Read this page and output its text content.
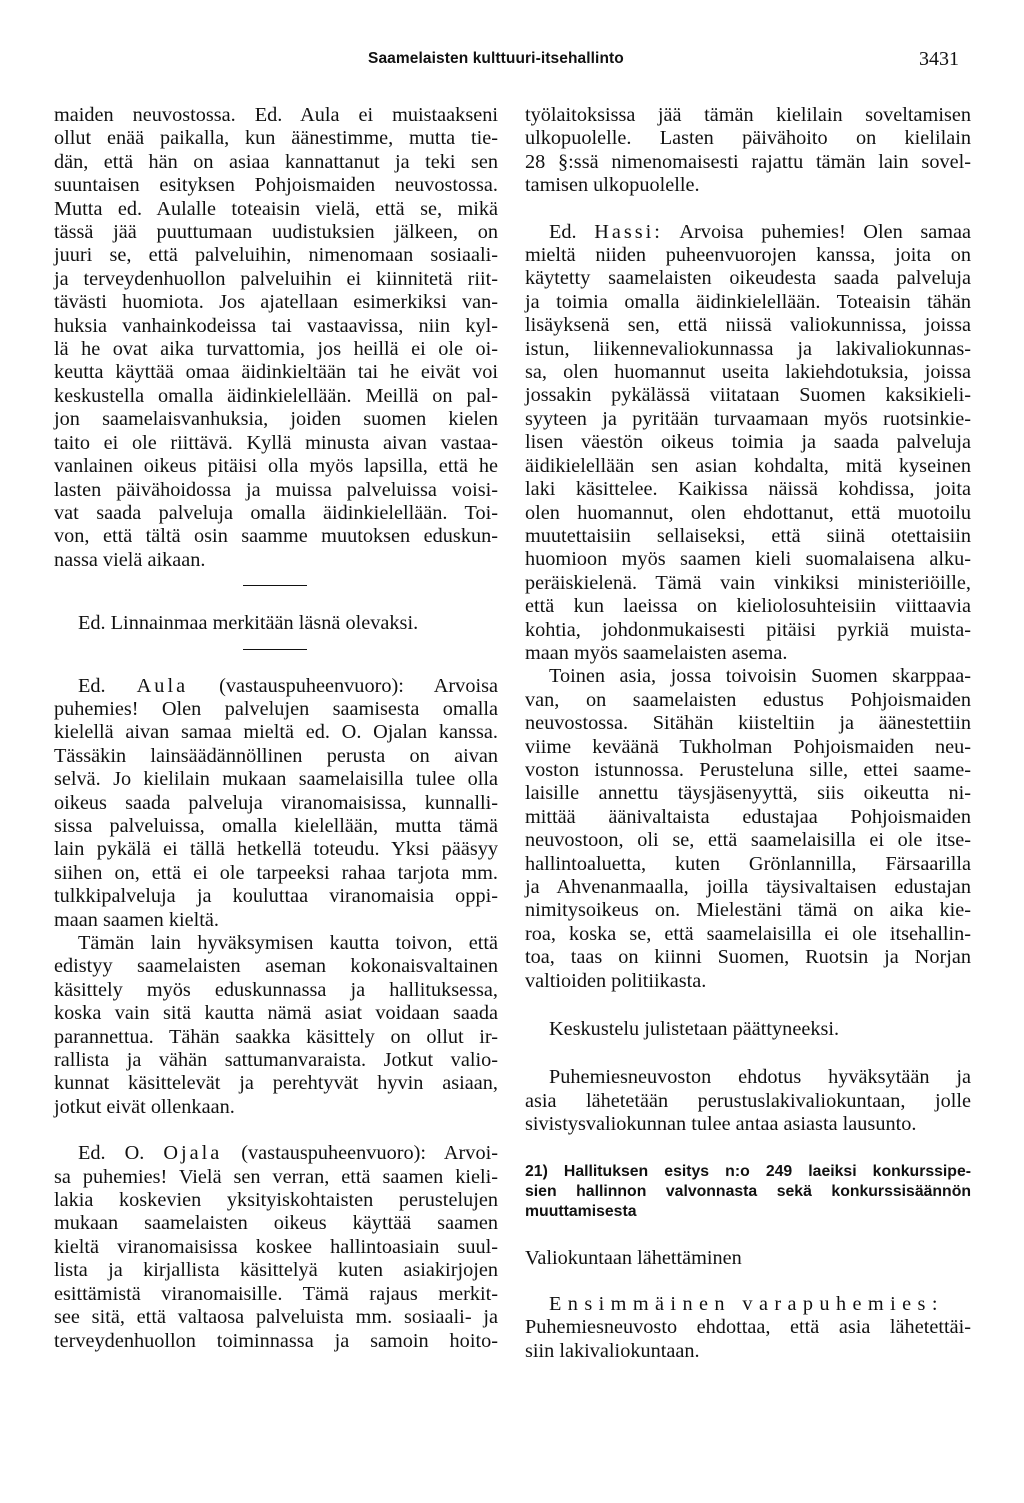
Saamelaisten kulttuuri-itsehallinto	3431
maiden neuvostossa. Ed. Aula ei muistaakseni
ollut enää paikalla, kun äänestimme, mutta tie-
dän, että hän on asiaa kannattanut ja teki sen
suuntaisen esityksen Pohjoismaiden neuvostossa.
Mutta ed. Aulalle toteaisin vielä, että se, mikä
tässä jää puuttumaan uudistuksien jälkeen, on
juuri se, että palveluihin, nimenomaan sosiaali-
ja terveydenhuollon palveluihin ei kiinnitetä riit-
tävästi huomiota. Jos ajatellaan esimerkiksi van-
huksia vanhainkodeissa tai vastaavissa, niin kyl-
lä he ovat aika turvattomia, jos heillä ei ole oi-
keutta käyttää omaa äidinkieltään tai he eivät voi
keskustella omalla äidinkielellään. Meillä on pal-
jon saamelaisvanhuksia, joiden suomen kielen
taito ei ole riittävä. Kyllä minusta aivan vastaa-
vanlainen oikeus pitäisi olla myös lapsilla, että he
lasten päivähoidossa ja muissa palveluissa voisi-
vat saada palveluja omalla äidinkielellään. Toi-
von, että tältä osin saamme muutoksen eduskun-
nassa vielä aikaan.
Ed. Linnainmaa merkitään läsnä olevaksi.
Ed. Aula (vastauspuheenvuoro): Arvoisa
puhemies! Olen palvelujen saamisesta omalla
kielellä aivan samaa mieltä ed. O. Ojalan kanssa.
Tässäkin lainsäädännöllinen perusta on aivan
selvä. Jo kielilain mukaan saamelaisilla tulee olla
oikeus saada palveluja viranomaisissa, kunnalli-
sissa palveluissa, omalla kielellään, mutta tämä
lain pykälä ei tällä hetkellä toteudu. Yksi pääsyy
siihen on, että ei ole tarpeeksi rahaa tarjota mm.
tulkkipalveluja ja kouluttaa viranomaisia oppi-
maan saamen kieltä.
Tämän lain hyväksymisen kautta toivon, että
edistyy saamelaisten aseman kokonaisvaltainen
käsittely myös eduskunnassa ja hallituksessa,
koska vain sitä kautta nämä asiat voidaan saada
parannettua. Tähän saakka käsittely on ollut ir-
rallista ja vähän sattumanvaraista. Jotkut valio-
kunnat käsittelevät ja perehtyvät hyvin asiaan,
jotkut eivät ollenkaan.
Ed. O. Ojala (vastauspuheenvuoro): Arvoi-
sa puhemies! Vielä sen verran, että saamen kieli-
lakia koskevien yksityiskohtaisten perustelujen
mukaan saamelaisten oikeus käyttää saamen
kieltä viranomaisissa koskee hallintoasiain suul-
lista ja kirjallista käsittelyä kuten asiakirjojen
esittämistä viranomaisille. Tämä rajaus merkit-
see sitä, että valtaosa palveluista mm. sosiaali- ja
terveydenhuollon toiminnassa ja samoin hoito-
työlaitoksissa jää tämän kielilain soveltamisen
ulkopuolelle. Lasten päivähoito on kielilain
28 §:ssä nimenomaisesti rajattu tämän lain sovel-
tamisen ulkopuolelle.
Ed. Hassi: Arvoisa puhemies! Olen samaa
mieltä niiden puheenvuorojen kanssa, joita on
käytetty saamelaisten oikeudesta saada palveluja
ja toimia omalla äidinkielellään. Toteaisin tähän
lisäyksenä sen, että niissä valiokunnissa, joissa
istun, liikennevaliokunnassa ja lakivaliokunnas-
sa, olen huomannut useita lakiehdotuksia, joissa
jossakin pykälässä viitataan Suomen kaksikieli-
syyteen ja pyritään turvaamaan myös ruotsinkie-
lisen väestön oikeus toimia ja saada palveluja
äidikielellään sen asian kohdalta, mitä kyseinen
laki käsittelee. Kaikissa näissä kohdissa, joita
olen huomannut, olen ehdottanut, että muotoilu
muutettaisiin sellaiseksi, että siinä otettaisiin
huomioon myös saamen kieli suomalaisena alku-
peräiskielenä. Tämä vain vinkiksi ministeriöille,
että kun laeissa on kieliolosuhteisiin viittaavia
kohtia, johdonmukaisesti pitäisi pyrkiä muista-
maan myös saamelaisten asema.
Toinen asia, jossa toivoisin Suomen skarppaa-
van, on saamelaisten edustus Pohjoismaiden
neuvostossa. Sitähän kiisteltiin ja äänestettiin
viime keväänä Tukholman Pohjoismaiden neu-
voston istunnossa. Perusteluna sille, ettei saame-
laisille annettu täysjäsenyyttä, siis oikeutta ni-
mittää äänivaltaista edustajaa Pohjoismaiden
neuvostoon, oli se, että saamelaisilla ei ole itse-
hallintoaluetta, kuten Grönlannilla, Färsaarilla
ja Ahvenanmaalla, joilla täysivaltaisen edustajan
nimitysoikeus on. Mielestäni tämä on aika kie-
roa, koska se, että saamelaisilla ei ole itsehallin-
toa, taas on kiinni Suomen, Ruotsin ja Norjan
valtioiden politiikasta.
Keskustelu julistetaan päättyneeksi.
Puhemiesneuvoston ehdotus hyväksytään ja
asia lähetetään perustuslakivaliokuntaan, jolle
sivistysvaliokunnan tulee antaa asiasta lausunto.
21) Hallituksen esitys n:o 249 laeiksi konkurssipe-
sien hallinnon valvonnasta sekä konkurssisäännön
muuttamisesta
Valiokuntaan lähettäminen
Ensimmäinen varapuhemies:
Puhemiesneuvosto ehdottaa, että asia lähetettäi-
siin lakivaliokuntaan.
